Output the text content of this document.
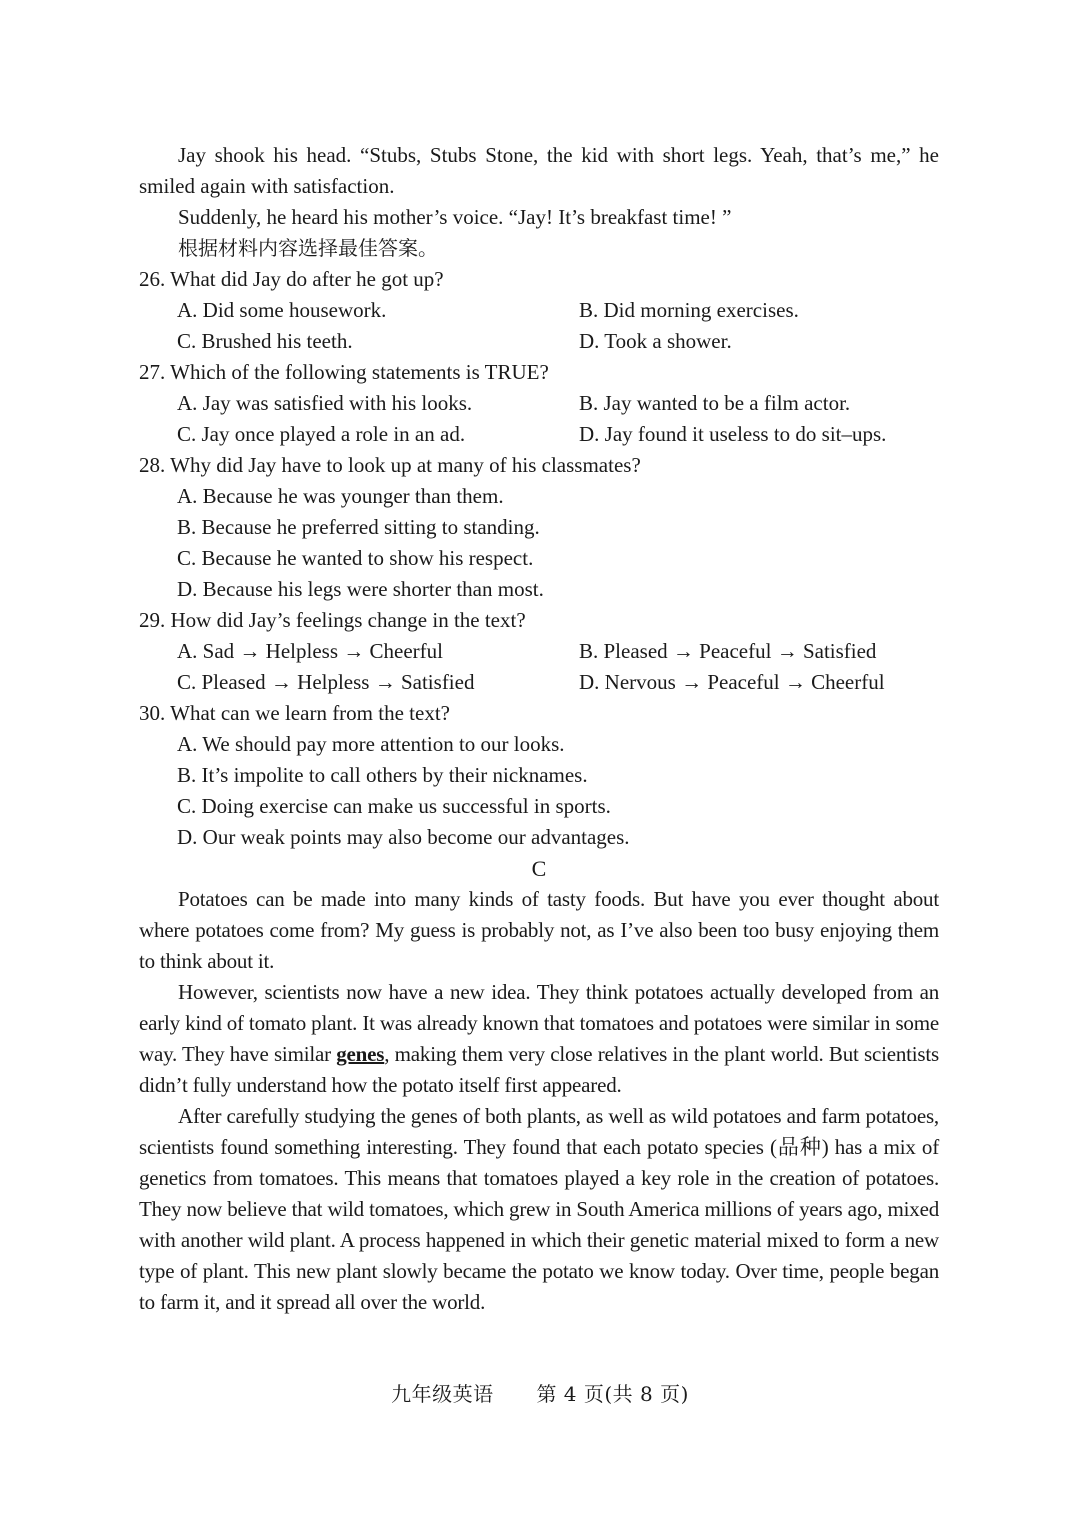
Jay shook his head. “Stubs, Stubs Stone, the kid with short legs. Yeah, that’s me,” he smiled again with satisfaction.

Suddenly, he heard his mother’s voice. “Jay! It’s breakfast time! ”

根据材料内容选择最佳答案。

26. What did Jay do after he got up?

A. Did some housework.	B. Did morning exercises.
C. Brushed his teeth.	D. Took a shower.

27. Which of the following statements is TRUE?

A. Jay was satisfied with his looks.	B. Jay wanted to be a film actor.
C. Jay once played a role in an ad.	D. Jay found it useless to do sit–ups.

28. Why did Jay have to look up at many of his classmates?

A. Because he was younger than them.
B. Because he preferred sitting to standing.
C. Because he wanted to show his respect.
D. Because his legs were shorter than most.

29. How did Jay’s feelings change in the text?

A. Sad → Helpless → Cheerful	B. Pleased → Peaceful → Satisfied
C. Pleased → Helpless → Satisfied	D. Nervous → Peaceful → Cheerful

30. What can we learn from the text?

A. We should pay more attention to our looks.
B. It’s impolite to call others by their nicknames.
C. Doing exercise can make us successful in sports.
D. Our weak points may also become our advantages.

C

Potatoes can be made into many kinds of tasty foods. But have you ever thought about where potatoes come from? My guess is probably not, as I’ve also been too busy enjoying them to think about it.

However, scientists now have a new idea. They think potatoes actually developed from an early kind of tomato plant. It was already known that tomatoes and potatoes were similar in some way. They have similar genes, making them very close relatives in the plant world. But scientists didn’t fully understand how the potato itself first appeared.

After carefully studying the genes of both plants, as well as wild potatoes and farm potatoes, scientists found something interesting. They found that each potato species (品种) has a mix of genetics from tomatoes. This means that tomatoes played a key role in the creation of potatoes. They now believe that wild tomatoes, which grew in South America millions of years ago, mixed with another wild plant. A process happened in which their genetic material mixed to form a new type of plant. This new plant slowly became the potato we know today. Over time, people began to farm it, and it spread all over the world.

九年级英语 第 4 页(共 8 页)
